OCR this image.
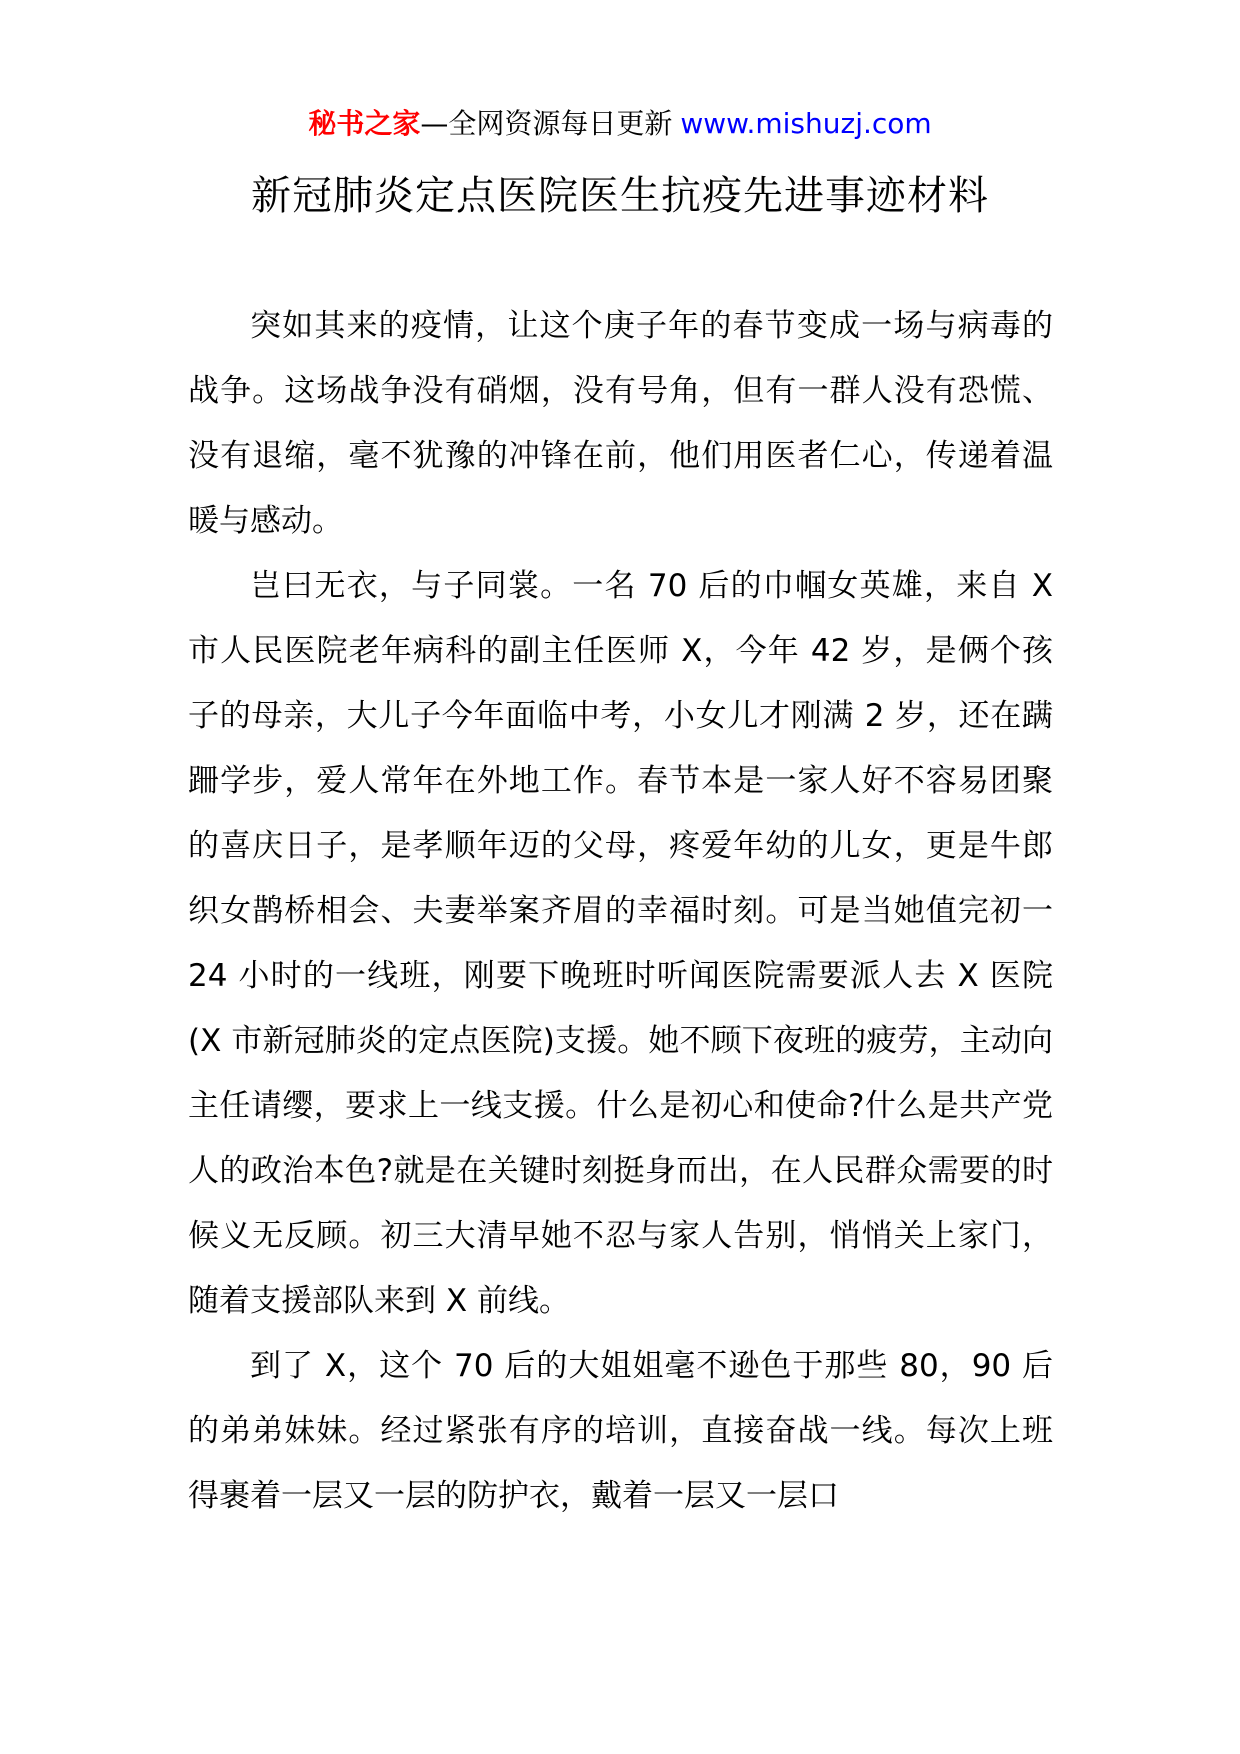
秘书之家—全网资源每日更新 www.mishuzj.com
新冠肺炎定点医院医生抗疫先进事迹材料

突如其来的疫情，让这个庚子年的春节变成一场与病毒的战争。这场战争没有硝烟，没有号角，但有一群人没有恐慌、没有退缩，毫不犹豫的冲锋在前，他们用医者仁心，传递着温暖与感动。

岂曰无衣，与子同裳。一名 70 后的巾帼女英雄，来自 X 市人民医院老年病科的副主任医师 X，今年 42 岁，是俩个孩子的母亲，大儿子今年面临中考，小女儿才刚满 2 岁，还在蹒跚学步，爱人常年在外地工作。春节本是一家人好不容易团聚的喜庆日子，是孝顺年迈的父母，疼爱年幼的儿女，更是牛郎织女鹊桥相会、夫妻举案齐眉的幸福时刻。可是当她值完初一 24 小时的一线班，刚要下晚班时听闻医院需要派人去 X 医院(X 市新冠肺炎的定点医院)支援。她不顾下夜班的疲劳，主动向主任请缨，要求上一线支援。什么是初心和使命?什么是共产党人的政治本色?就是在关键时刻挺身而出，在人民群众需要的时候义无反顾。初三大清早她不忍与家人告别，悄悄关上家门，随着支援部队来到 X 前线。

到了 X，这个 70 后的大姐姐毫不逊色于那些 80，90 后的弟弟妹妹。经过紧张有序的培训，直接奋战一线。每次上班得裹着一层又一层的防护衣，戴着一层又一层口
